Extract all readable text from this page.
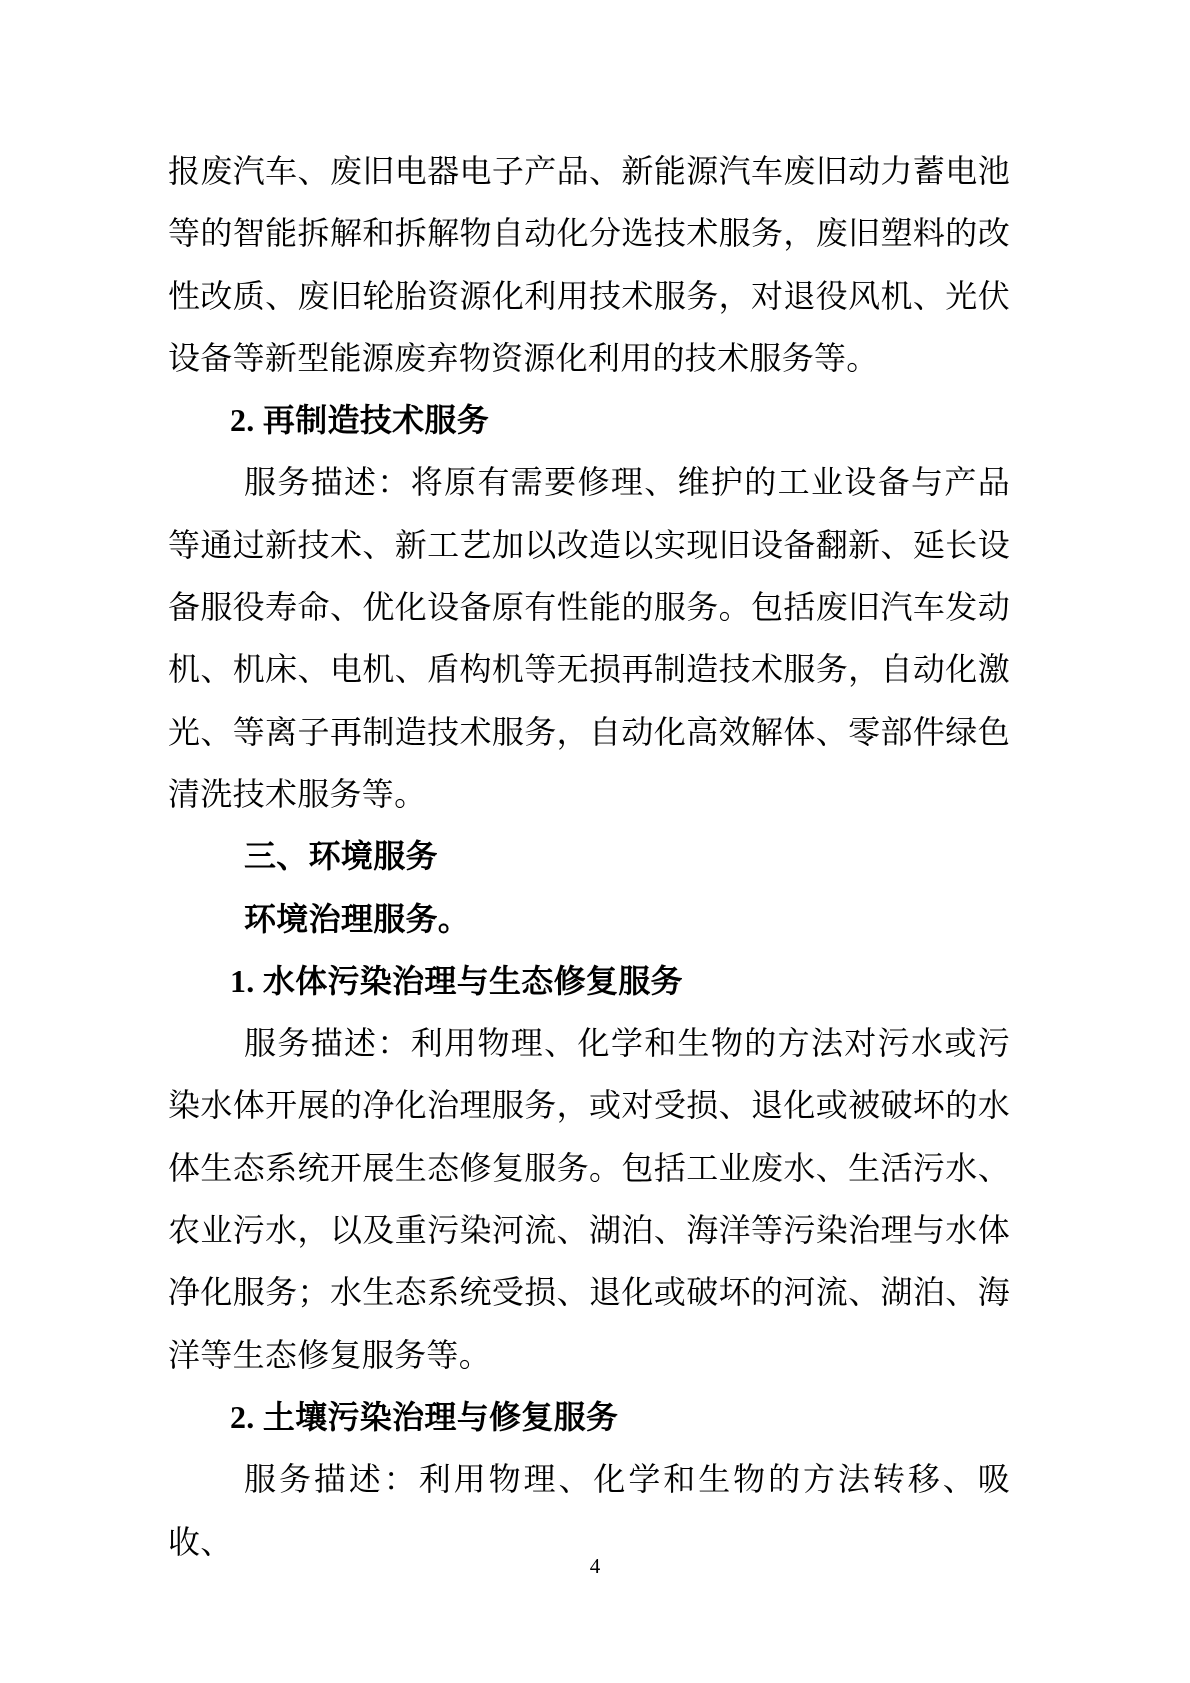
报废汽车、废旧电器电子产品、新能源汽车废旧动力蓄电池等的智能拆解和拆解物自动化分选技术服务，废旧塑料的改性改质、废旧轮胎资源化利用技术服务，对退役风机、光伏设备等新型能源废弃物资源化利用的技术服务等。

2. 再制造技术服务

服务描述：将原有需要修理、维护的工业设备与产品等通过新技术、新工艺加以改造以实现旧设备翻新、延长设备服役寿命、优化设备原有性能的服务。包括废旧汽车发动机、机床、电机、盾构机等无损再制造技术服务，自动化激光、等离子再制造技术服务，自动化高效解体、零部件绿色清洗技术服务等。

三、环境服务

环境治理服务。

1. 水体污染治理与生态修复服务

服务描述：利用物理、化学和生物的方法对污水或污染水体开展的净化治理服务，或对受损、退化或被破坏的水体生态系统开展生态修复服务。包括工业废水、生活污水、农业污水，以及重污染河流、湖泊、海洋等污染治理与水体净化服务；水生态系统受损、退化或破坏的河流、湖泊、海洋等生态修复服务等。

2. 土壤污染治理与修复服务

服务描述：利用物理、化学和生物的方法转移、吸收、

4
